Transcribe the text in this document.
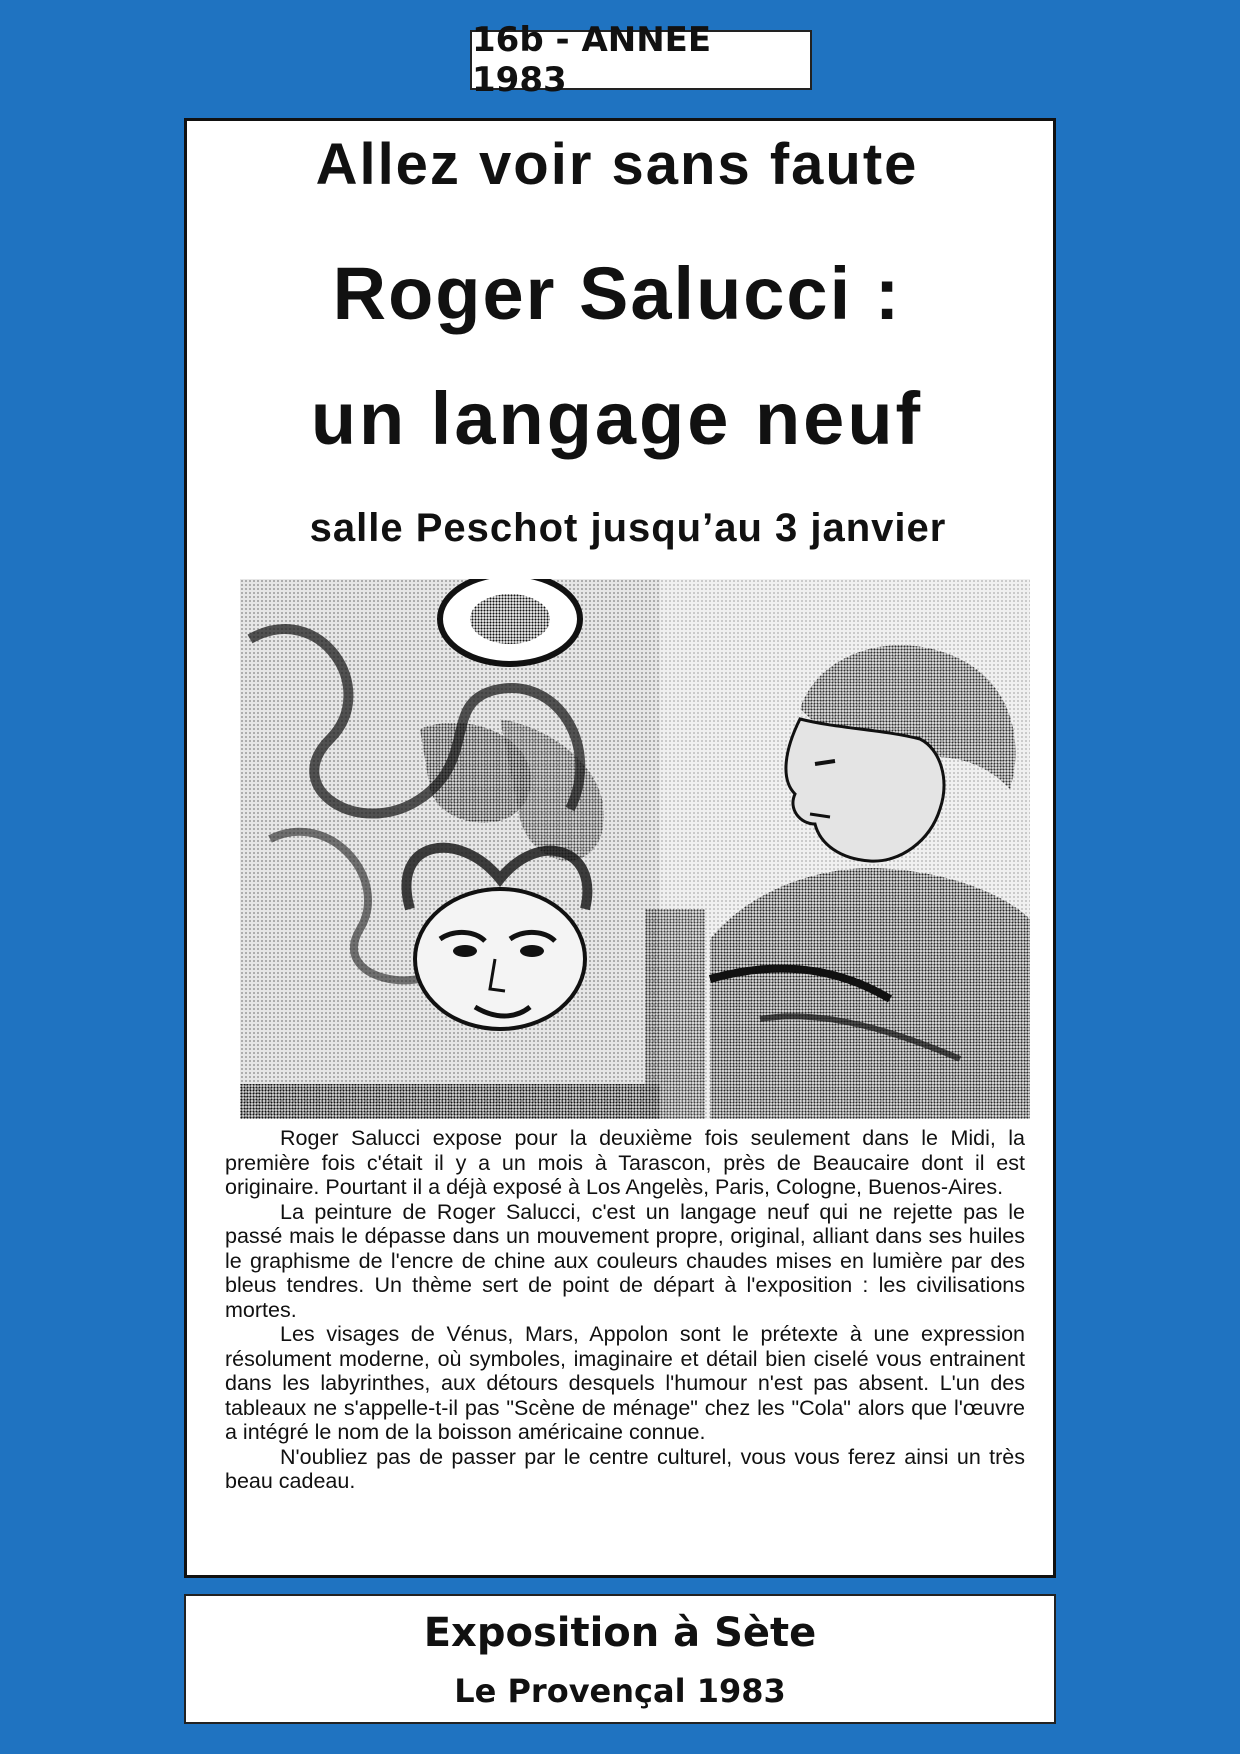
16b - ANNEE 1983
Allez voir sans faute
Roger Salucci :
un langage neuf
salle Peschot jusqu’au 3 janvier

Roger Salucci expose pour la deuxième fois seulement dans le Midi, la première fois c'était il y a un mois à Tarascon, près de Beaucaire dont il est originaire. Pourtant il a déjà exposé à Los Angelès, Paris, Cologne, Buenos-Aires.

La peinture de Roger Salucci, c'est un langage neuf qui ne rejette pas le passé mais le dépasse dans un mouvement propre, original, alliant dans ses huiles le graphisme de l'encre de chine aux couleurs chaudes mises en lumière par des bleus tendres. Un thème sert de point de départ à l'exposition : les civilisations mortes.

Les visages de Vénus, Mars, Appolon sont le prétexte à une expression résolument moderne, où symboles, imaginaire et détail bien ciselé vous entrainent dans les labyrinthes, aux détours desquels l'humour n'est pas absent. L'un des tableaux ne s'appelle-t-il pas "Scène de ménage" chez les "Cola" alors que l'œuvre a intégré le nom de la boisson américaine connue.

N'oubliez pas de passer par le centre culturel, vous vous ferez ainsi un très beau cadeau.

Exposition à Sète
Le Provençal 1983
